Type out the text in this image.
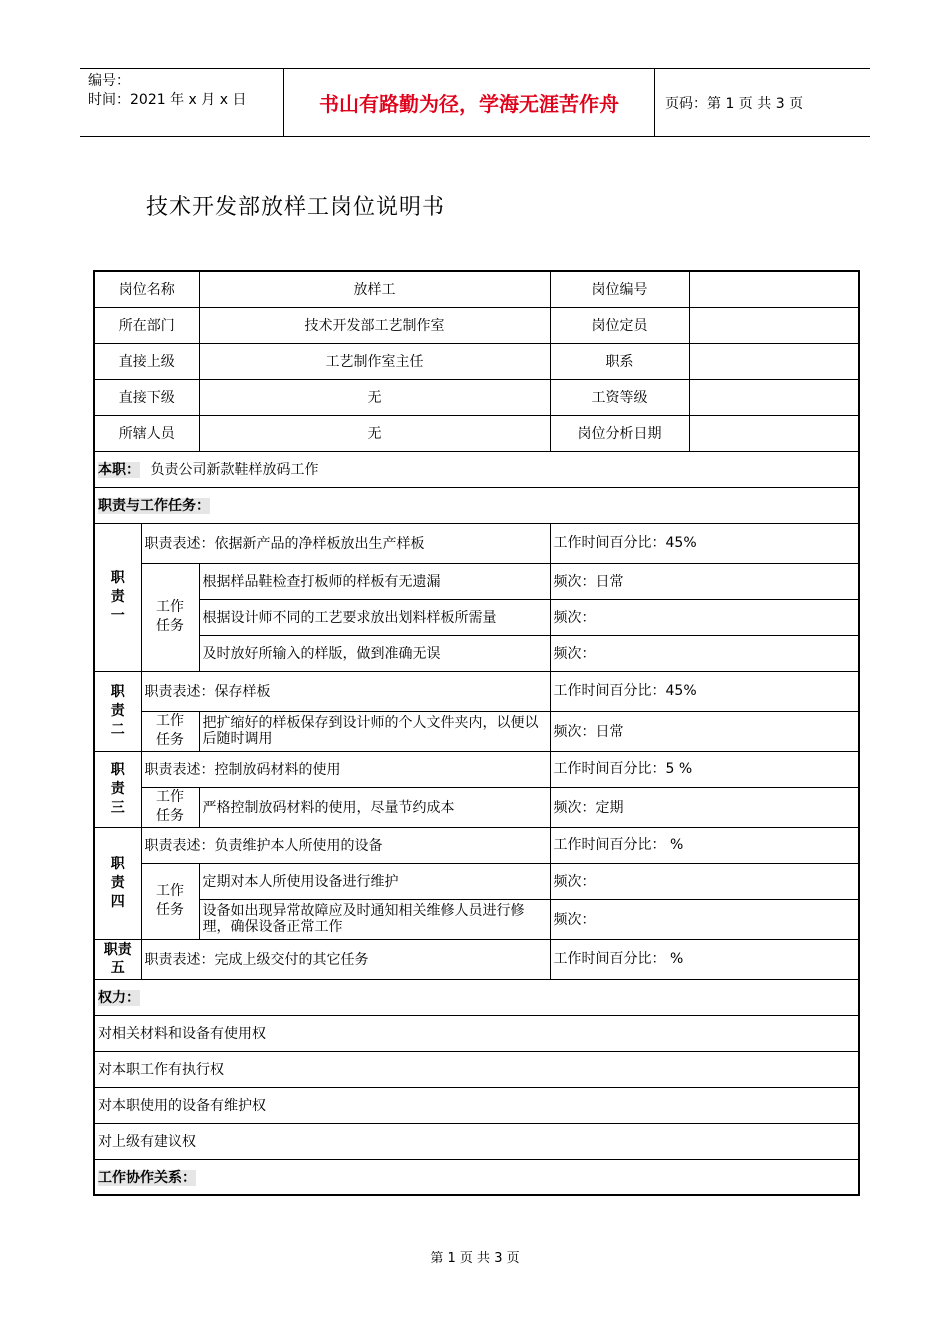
编号：
时间：2021 年 x 月 x 日	书山有路勤为径，学海无涯苦作舟	页码：第 1 页 共 3 页
技术开发部放样工岗位说明书
岗位名称		放样工	岗位编号	
所在部门		技术开发部工艺制作室	岗位定员	
直接上级		工艺制作室主任	职系	
直接下级		无	工资等级	
所辖人员		无	岗位分析日期	
本职： 负责公司新款鞋样放码工作				
职责与工作任务：				

职责一	职责表述：依据新产品的净样板放出生产样板		工作时间百分比：45%	

	工作任务	根据样品鞋检查打板师的样板有无遗漏	频次：日常	
		根据设计师不同的工艺要求放出划料样板所需量	频次：	
		及时放好所输入的样版，做到准确无误	频次：	

职责二	职责表述：保存样板		工作时间百分比：45%	

	工作任务	把扩缩好的样板保存到设计师的个人文件夹内，以便以后随时调用	频次：日常	

职责三	职责表述：控制放码材料的使用		工作时间百分比：5 %	

	工作任务	严格控制放码材料的使用，尽量节约成本	频次：定期	

职责四	职责表述：负责维护本人所使用的设备		工作时间百分比： %	

	工作任务	定期对本人所使用设备进行维护	频次：	
		设备如出现异常故障应及时通知相关维修人员进行修理，确保设备正常工作	频次：	

职责五	职责表述：完成上级交付的其它任务		工作时间百分比： %	
权力：				
对相关材料和设备有使用权				
对本职工作有执行权				
对本职使用的设备有维护权				
对上级有建议权				
工作协作关系：				
第 1 页 共 3 页
